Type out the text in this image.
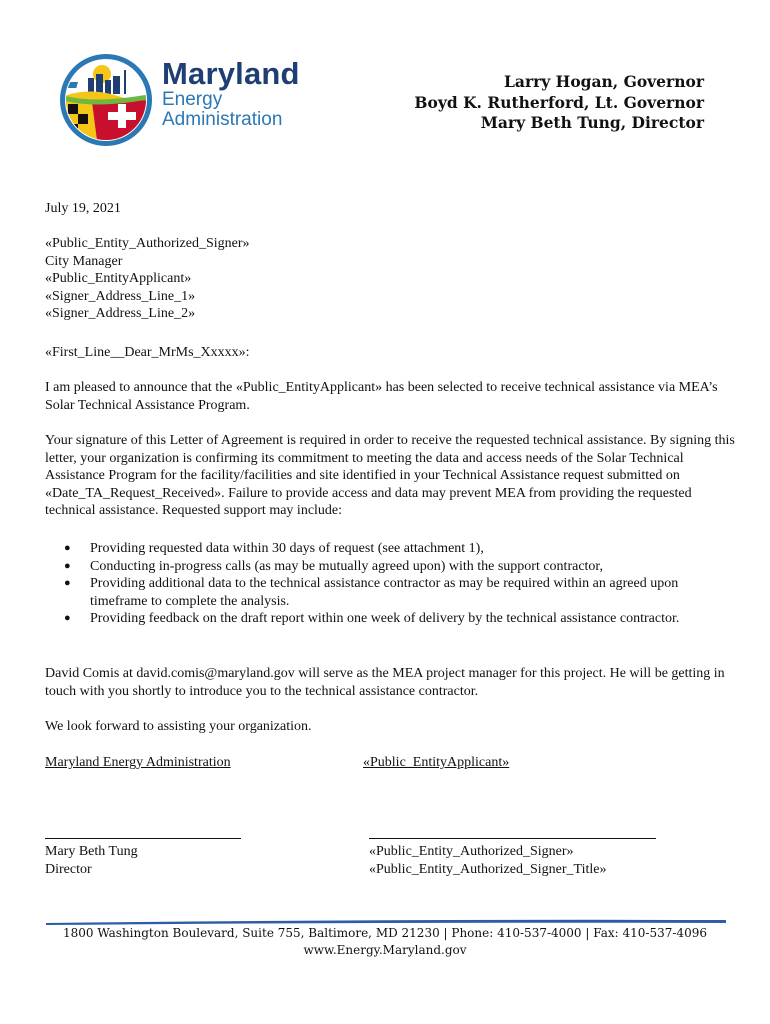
Maryland
Energy
Administration
Larry Hogan, Governor
Boyd K. Rutherford, Lt. Governor
Mary Beth Tung, Director
July 19, 2021
«Public_Entity_Authorized_Signer»
City Manager
«Public_EntityApplicant»
«Signer_Address_Line_1»
«Signer_Address_Line_2»
«First_Line__Dear_MrMs_Xxxxx»:
I am pleased to announce that the «Public_EntityApplicant» has been selected to receive technical assistance via MEA’s Solar Technical Assistance Program.
Your signature of this Letter of Agreement is required in order to receive the requested technical assistance. By signing this letter, your organization is confirming its commitment to meeting the data and access needs of the Solar Technical Assistance Program for the facility/facilities and site identified in your Technical Assistance request submitted on «Date_TA_Request_Received». Failure to provide access and data may prevent MEA from providing the requested technical assistance. Requested support may include:
● Providing requested data within 30 days of request (see attachment 1),
● Conducting in-progress calls (as may be mutually agreed upon) with the support contractor,
● Providing additional data to the technical assistance contractor as may be required within an agreed upon timeframe to complete the analysis.
● Providing feedback on the draft report within one week of delivery by the technical assistance contractor.
David Comis at david.comis@maryland.gov will serve as the MEA project manager for this project. He will be getting in touch with you shortly to introduce you to the technical assistance contractor.
We look forward to assisting your organization.
Maryland Energy Administration	«Public_EntityApplicant»
Mary Beth Tung
Director
«Public_Entity_Authorized_Signer»
«Public_Entity_Authorized_Signer_Title»
1800 Washington Boulevard, Suite 755, Baltimore, MD 21230 | Phone: 410-537-4000 | Fax: 410-537-4096
www.Energy.Maryland.gov
